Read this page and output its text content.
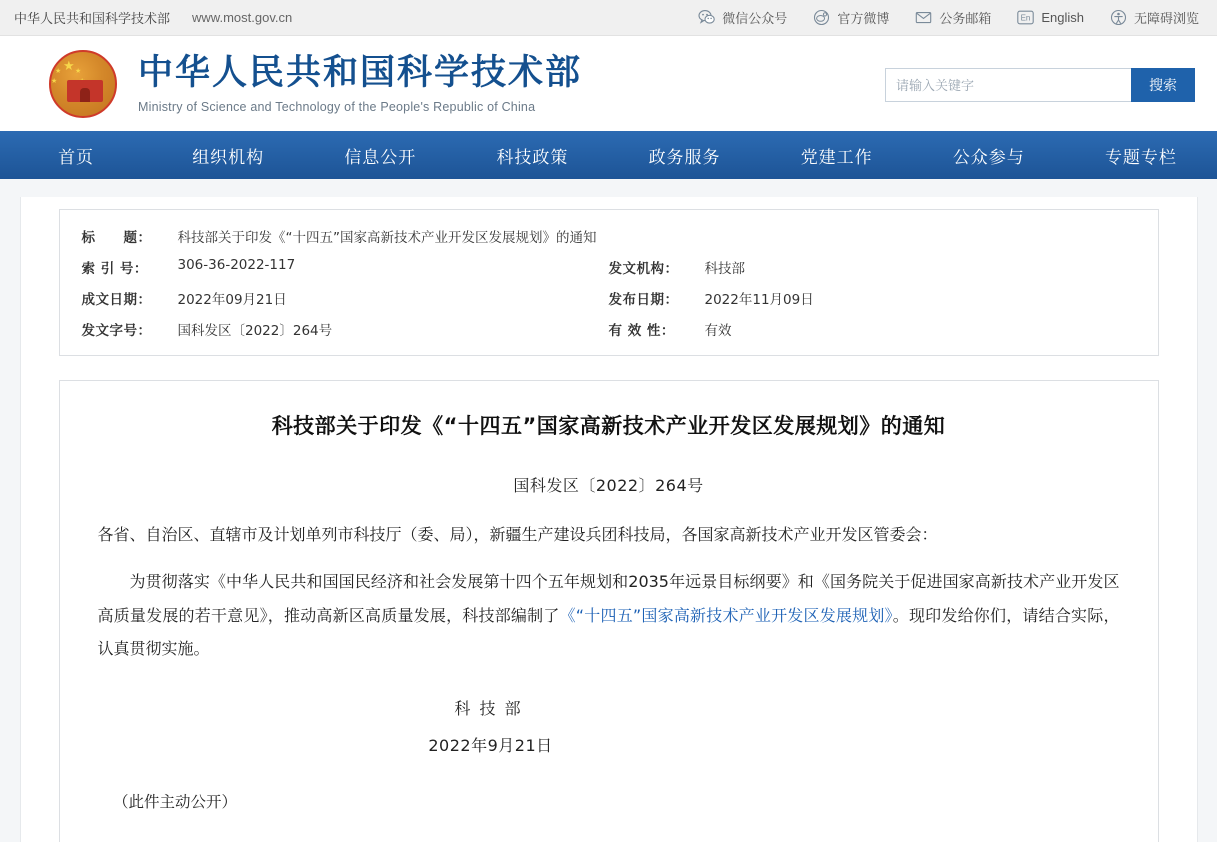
中华人民共和国科学技术部 www.most.gov.cn	微信公众号	官方微博	公务邮箱	En English	无障碍浏览
★
★ ★
★ 中华人民共和国科学技术部
Ministry of Science and Technology of the People's Republic of China
请输入关键字
搜索
首页	组织机构	信息公开	科技政策	政务服务	党建工作	公众参与	专题专栏
标　　题：	科技部关于印发《“十四五”国家高新技术产业开发区发展规划》的通知
索 引 号：	306-36-2022-117	发文机构：	科技部
成文日期：	2022年09月21日	发布日期：	2022年11月09日
发文字号：	国科发区〔2022〕264号	有 效 性：	有效
科技部关于印发《“十四五”国家高新技术产业开发区发展规划》的通知
国科发区〔2022〕264号
各省、自治区、直辖市及计划单列市科技厅（委、局），新疆生产建设兵团科技局，各国家高新技术产业开发区管委会：
为贯彻落实《中华人民共和国国民经济和社会发展第十四个五年规划和2035年远景目标纲要》和《国务院关于促进国家高新技术产业开发区高质量发展的若干意见》，推动高新区高质量发展，科技部编制了《“十四五”国家高新技术产业开发区发展规划》。现印发给你们，请结合实际，认真贯彻实施。
科 技 部
2022年9月21日
（此件主动公开）
